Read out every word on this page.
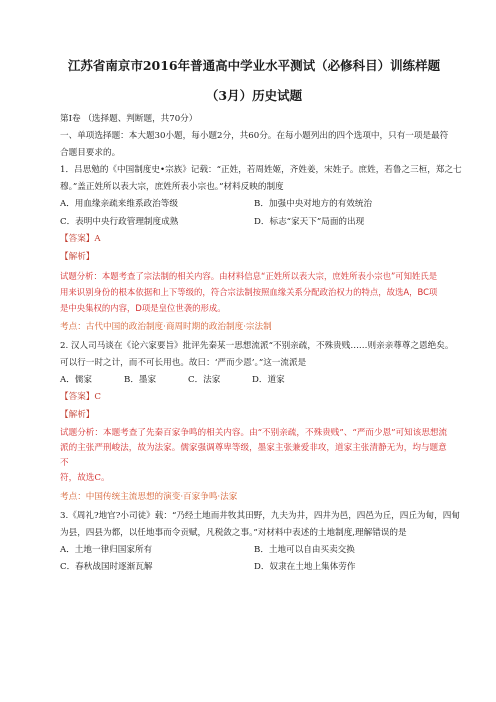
江苏省南京市2016年普通高中学业水平测试（必修科目）训练样题

（3月）历史试题

第Ⅰ卷 （选择题、判断题，共70分）

一、单项选择题：本大题30小题，每小题2分，共60分。在每小题列出的四个选项中，只有一项是最符

合题目要求的。

1．吕思勉的《中国制度史•宗族》记载：“正姓，若周姓姬，齐姓姜，宋姓子。庶姓，若鲁之三桓，郑之七

穆。”盖正姓所以表大宗，庶姓所表小宗也。”材料反映的制度

A．用血缘亲疏来维系政治等级	B．加强中央对地方的有效统治
C．表明中央行政管理制度成熟	D．标志“家天下”局面的出现

【答案】A

【解析】

试题分析：本题考查了宗法制的相关内容。由材料信息“正姓所以表大宗，庶姓所表小宗也”可知姓氏是
用来识别身份的根本依据和上下等级的，符合宗法制按照血缘关系分配政治权力的特点，故选A，BC项
是中央集权的内容，D项是皇位世袭的形成。

考点：古代中国的政治制度·商周时期的政治制度·宗法制

2. 汉人司马谈在《论六家要旨》批评先秦某一思想流派“不别亲疏，不殊贵贱……则亲亲尊尊之恩绝矣。

可以行一时之计，而不可长用也。故曰：‘严而少恩’。”这一流派是

A．儒家	B．墨家	C．法家	D．道家

【答案】C

【解析】

试题分析：本题考查了先秦百家争鸣的相关内容。由“不别亲疏，不殊贵贱”、“严而少恩”可知该思想流
派的主张严刑峻法，故为法家。儒家强调尊卑等级，墨家主张兼爱非攻，道家主张清静无为，均与题意不
符，故选C。

考点：中国传统主流思想的演变·百家争鸣·法家

3.《周礼?地官?小司徒》载：“乃经土地而井牧其田野，九夫为井，四井为邑，四邑为丘，四丘为甸，四甸

为县，四县为都，以任地事而令贡赋，凡税敛之事。”对材料中表述的土地制度,理解错误的是

A．土地一律归国家所有	B．土地可以自由买卖交换
C．春秋战国时逐渐瓦解	D．奴隶在土地上集体劳作
